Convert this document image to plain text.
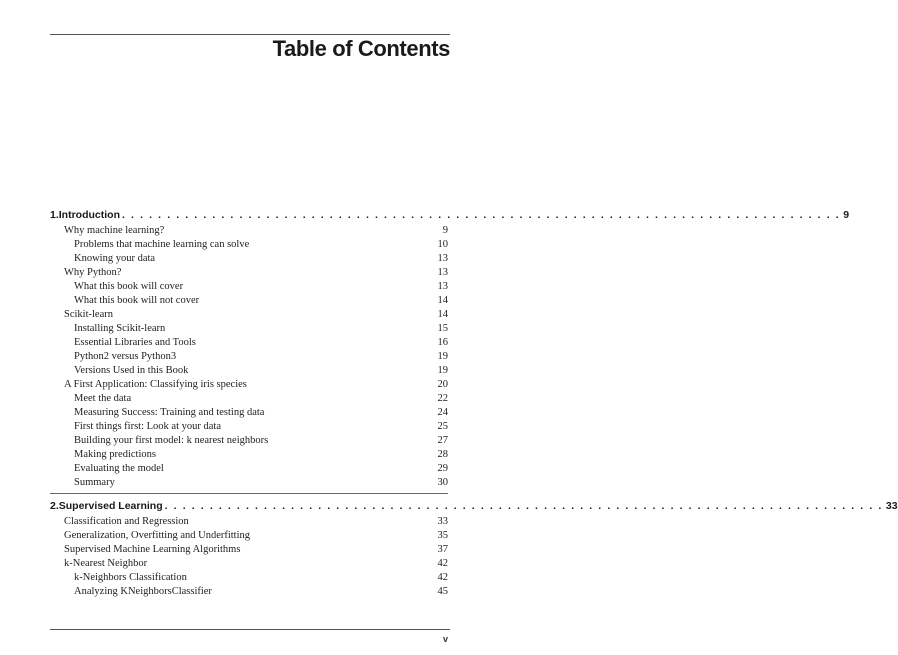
Table of Contents
1. Introduction . . . . . . . . . . . . . . . . . . . . . . . . . . . . . . . . . . . . . . . . . . . . . . . . . . . . . . . . . . . . . . . . . . . . . . . . . . . . . . . . 9
Why machine learning?	9
Problems that machine learning can solve	10
Knowing your data	13
Why Python?	13
What this book will cover	13
What this book will not cover	14
Scikit-learn	14
Installing Scikit-learn	15
Essential Libraries and Tools	16
Python2 versus Python3	19
Versions Used in this Book	19
A First Application: Classifying iris species	20
Meet the data	22
Measuring Success: Training and testing data	24
First things first: Look at your data	25
Building your first model: k nearest neighbors	27
Making predictions	28
Evaluating the model	29
Summary	30
2. Supervised Learning . . . . . . . . . . . . . . . . . . . . . . . . . . . . . . . . . . . . . . . . . . . . . . . . . . . . . . . . . . . . . . . . . . . . . . . . . . . . . . . . 33
Classification and Regression	33
Generalization, Overfitting and Underfitting	35
Supervised Machine Learning Algorithms	37
k-Nearest Neighbor	42
k-Neighbors Classification	42
Analyzing KNeighborsClassifier	45
v
